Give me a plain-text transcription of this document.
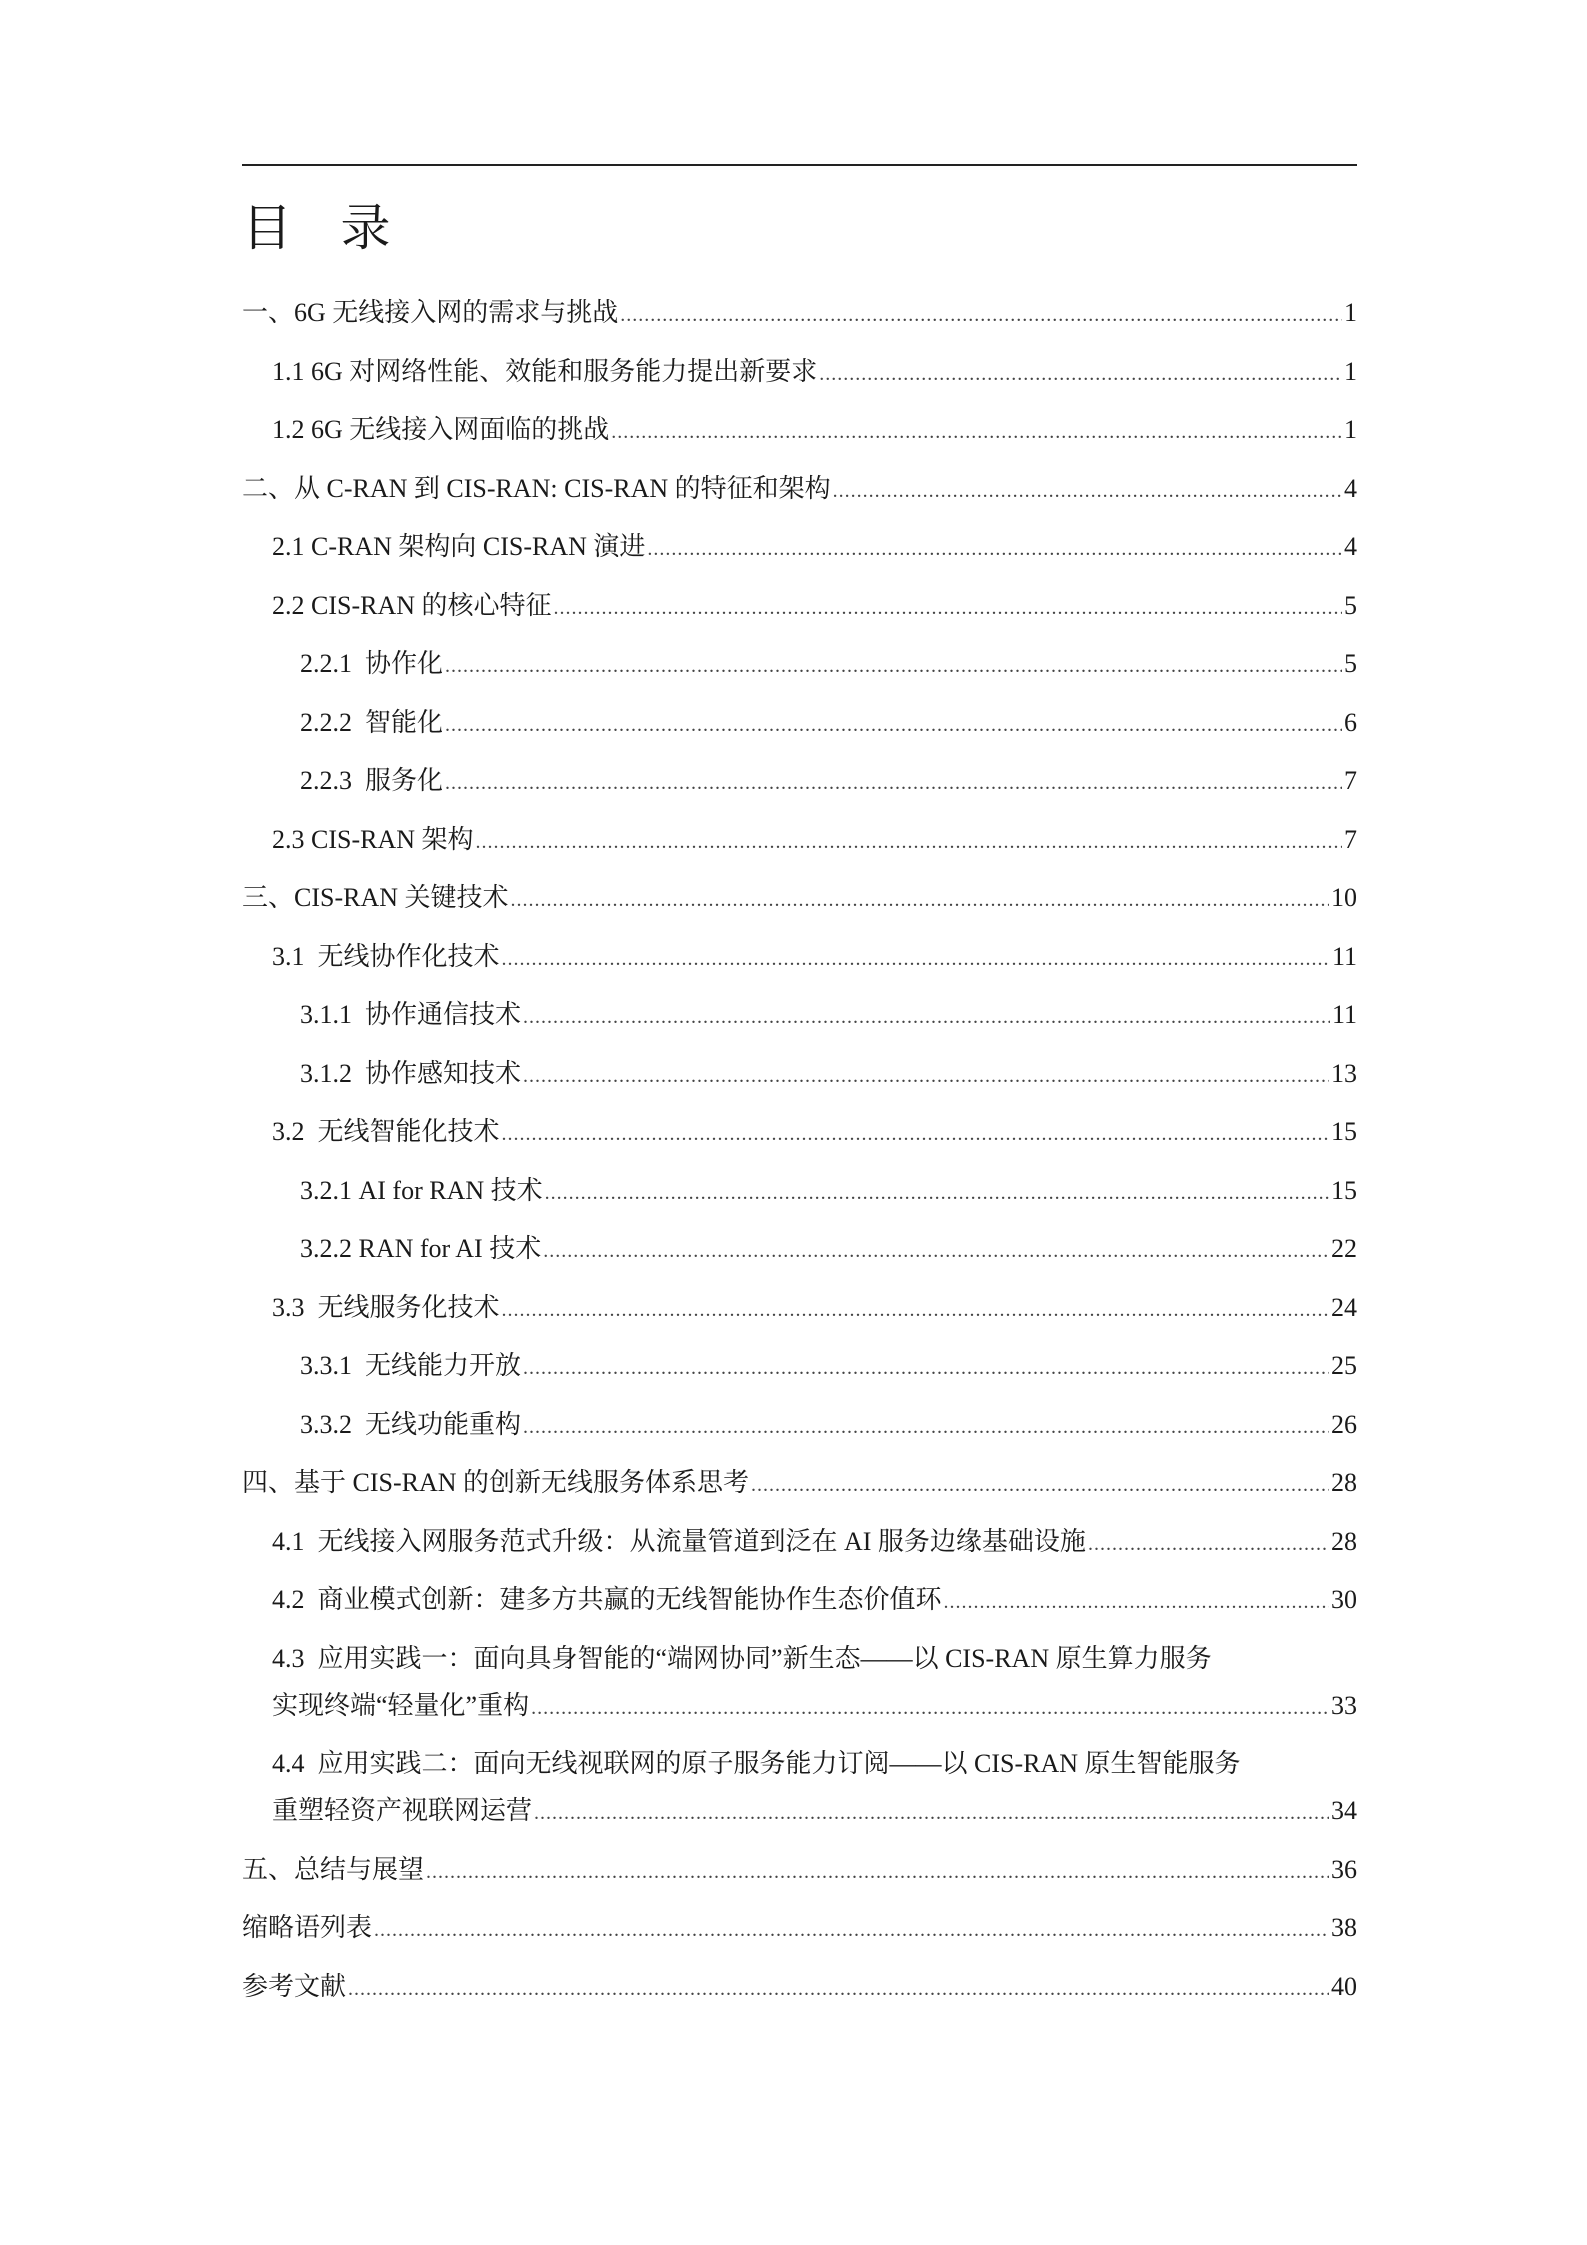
目 录
一、 6G 无线接入网的需求与挑战 .....	1
1.1 6G 对网络性能、效能和服务能力提出新要求 .....	1
1.2 6G 无线接入网面临的挑战 .....	1
二、 从 C-RAN 到 CIS-RAN: CIS-RAN 的特征和架构 .....	4
2.1 C-RAN 架构向 CIS-RAN 演进 .....	4
2.2 CIS-RAN 的核心特征 .....	5
2.2.1 协作化 .....	5
2.2.2 智能化 .....	6
2.2.3 服务化 .....	7
2.3 CIS-RAN 架构 .....	7
三、 CIS-RAN 关键技术 .....	10
3.1 无线协作化技术 .....	11
3.1.1 协作通信技术 .....	11
3.1.2 协作感知技术 .....	13
3.2 无线智能化技术 .....	15
3.2.1 AI for RAN 技术 .....	15
3.2.2 RAN for AI 技术 .....	22
3.3 无线服务化技术 .....	24
3.3.1 无线能力开放 .....	25
3.3.2 无线功能重构 .....	26
四、 基于 CIS-RAN 的创新无线服务体系思考 .....	28
4.1 无线接入网服务范式升级：从流量管道到泛在 AI 服务边缘基础设施 .....	28
4.2 商业模式创新：建多方共赢的无线智能协作生态价值环 .....	30
4.3 应用实践一：面向具身智能的“端网协同”新生态——以 CIS-RAN 原生算力服务
实现终端“轻量化”重构 .....	33
4.4 应用实践二：面向无线视联网的原子服务能力订阅——以 CIS-RAN 原生智能服务
重塑轻资产视联网运营 .....	34
五、 总结与展望 .....	36
缩略语列表 .....	38
参考文献 .....	40
